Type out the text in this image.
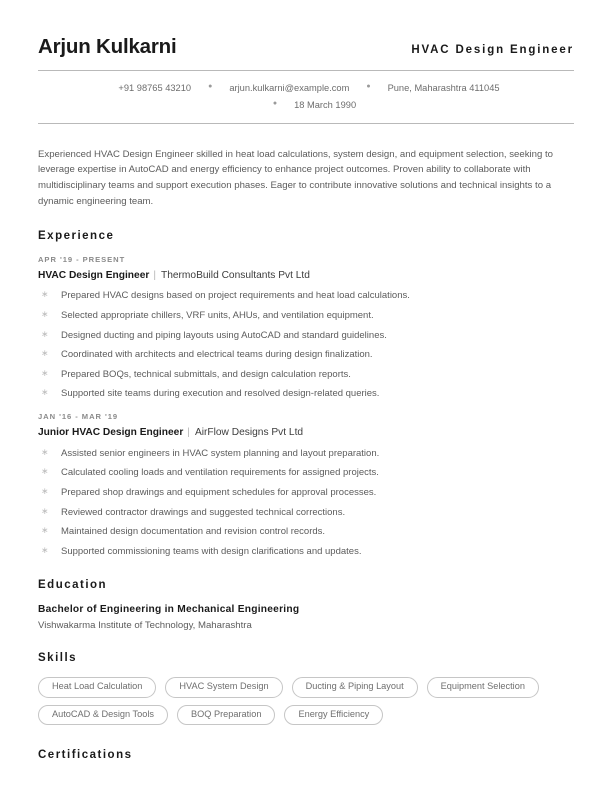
Arjun Kulkarni	HVAC Design Engineer
+91 98765 43210 ● arjun.kulkarni@example.com ● Pune, Maharashtra 411045
● 18 March 1990
Experienced HVAC Design Engineer skilled in heat load calculations, system design, and equipment selection, seeking to leverage expertise in AutoCAD and energy efficiency to enhance project outcomes. Proven ability to collaborate with multidisciplinary teams and support execution phases. Eager to contribute innovative solutions and technical insights to a dynamic engineering team.
Experience
APR '19 - PRESENT
HVAC Design Engineer | ThermoBuild Consultants Pvt Ltd
∗ Prepared HVAC designs based on project requirements and heat load calculations.
∗ Selected appropriate chillers, VRF units, AHUs, and ventilation equipment.
∗ Designed ducting and piping layouts using AutoCAD and standard guidelines.
∗ Coordinated with architects and electrical teams during design finalization.
∗ Prepared BOQs, technical submittals, and design calculation reports.
∗ Supported site teams during execution and resolved design-related queries.
JAN '16 - MAR '19
Junior HVAC Design Engineer | AirFlow Designs Pvt Ltd
∗ Assisted senior engineers in HVAC system planning and layout preparation.
∗ Calculated cooling loads and ventilation requirements for assigned projects.
∗ Prepared shop drawings and equipment schedules for approval processes.
∗ Reviewed contractor drawings and suggested technical corrections.
∗ Maintained design documentation and revision control records.
∗ Supported commissioning teams with design clarifications and updates.
Education
Bachelor of Engineering in Mechanical Engineering
Vishwakarma Institute of Technology, Maharashtra
Skills
Heat Load Calculation	HVAC System Design	Ducting & Piping Layout	Equipment Selection
AutoCAD & Design Tools	BOQ Preparation	Energy Efficiency
Certifications
